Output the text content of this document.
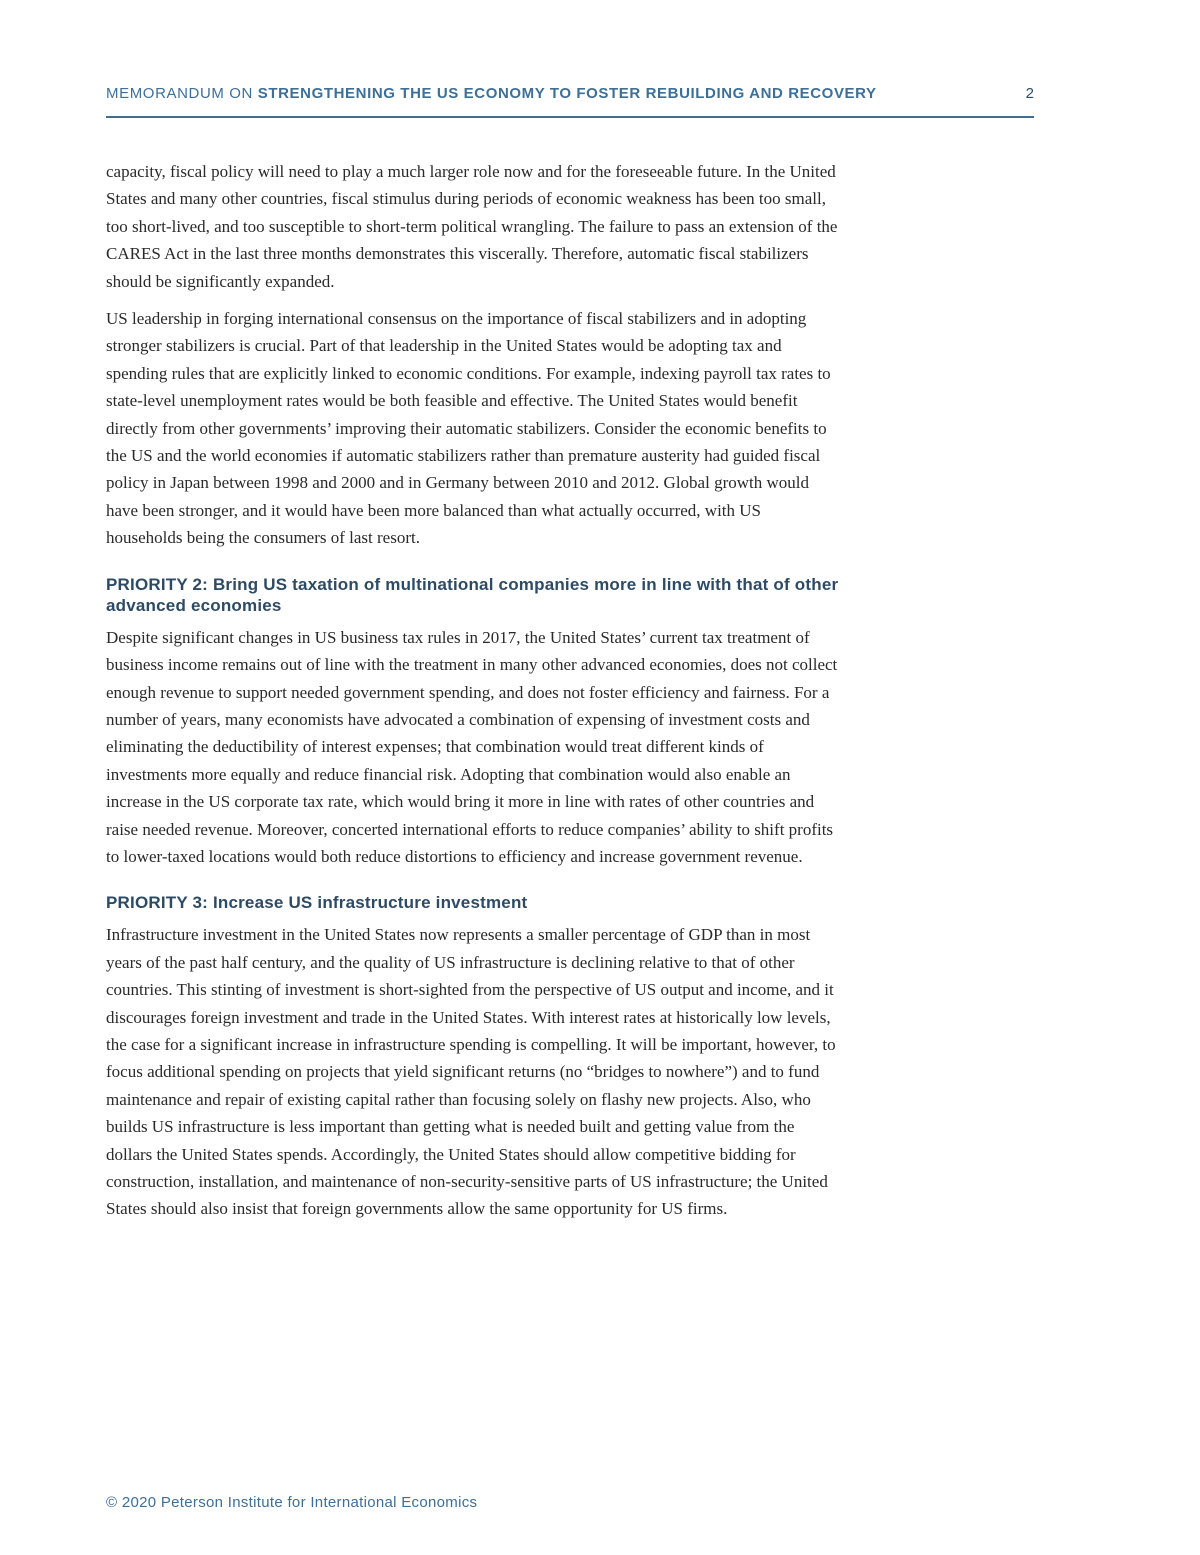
MEMORANDUM ON STRENGTHENING THE US ECONOMY TO FOSTER REBUILDING AND RECOVERY	2

capacity, fiscal policy will need to play a much larger role now and for the foreseeable future. In the United States and many other countries, fiscal stimulus during periods of economic weakness has been too small, too short-lived, and too susceptible to short-term political wrangling. The failure to pass an extension of the CARES Act in the last three months demonstrates this viscerally. Therefore, automatic fiscal stabilizers should be significantly expanded.

US leadership in forging international consensus on the importance of fiscal stabilizers and in adopting stronger stabilizers is crucial. Part of that leadership in the United States would be adopting tax and spending rules that are explicitly linked to economic conditions. For example, indexing payroll tax rates to state-level unemployment rates would be both feasible and effective. The United States would benefit directly from other governments’ improving their automatic stabilizers. Consider the economic benefits to the US and the world economies if automatic stabilizers rather than premature austerity had guided fiscal policy in Japan between 1998 and 2000 and in Germany between 2010 and 2012. Global growth would have been stronger, and it would have been more balanced than what actually occurred, with US households being the consumers of last resort.

PRIORITY 2: Bring US taxation of multinational companies more in line with that of other advanced economies

Despite significant changes in US business tax rules in 2017, the United States’ current tax treatment of business income remains out of line with the treatment in many other advanced economies, does not collect enough revenue to support needed government spending, and does not foster efficiency and fairness. For a number of years, many economists have advocated a combination of expensing of investment costs and eliminating the deductibility of interest expenses; that combination would treat different kinds of investments more equally and reduce financial risk. Adopting that combination would also enable an increase in the US corporate tax rate, which would bring it more in line with rates of other countries and raise needed revenue. Moreover, concerted international efforts to reduce companies’ ability to shift profits to lower-taxed locations would both reduce distortions to efficiency and increase government revenue.

PRIORITY 3: Increase US infrastructure investment

Infrastructure investment in the United States now represents a smaller percentage of GDP than in most years of the past half century, and the quality of US infrastructure is declining relative to that of other countries. This stinting of investment is short-sighted from the perspective of US output and income, and it discourages foreign investment and trade in the United States. With interest rates at historically low levels, the case for a significant increase in infrastructure spending is compelling. It will be important, however, to focus additional spending on projects that yield significant returns (no “bridges to nowhere”) and to fund maintenance and repair of existing capital rather than focusing solely on flashy new projects. Also, who builds US infrastructure is less important than getting what is needed built and getting value from the dollars the United States spends. Accordingly, the United States should allow competitive bidding for construction, installation, and maintenance of non-security-sensitive parts of US infrastructure; the United States should also insist that foreign governments allow the same opportunity for US firms.

© 2020 Peterson Institute for International Economics
